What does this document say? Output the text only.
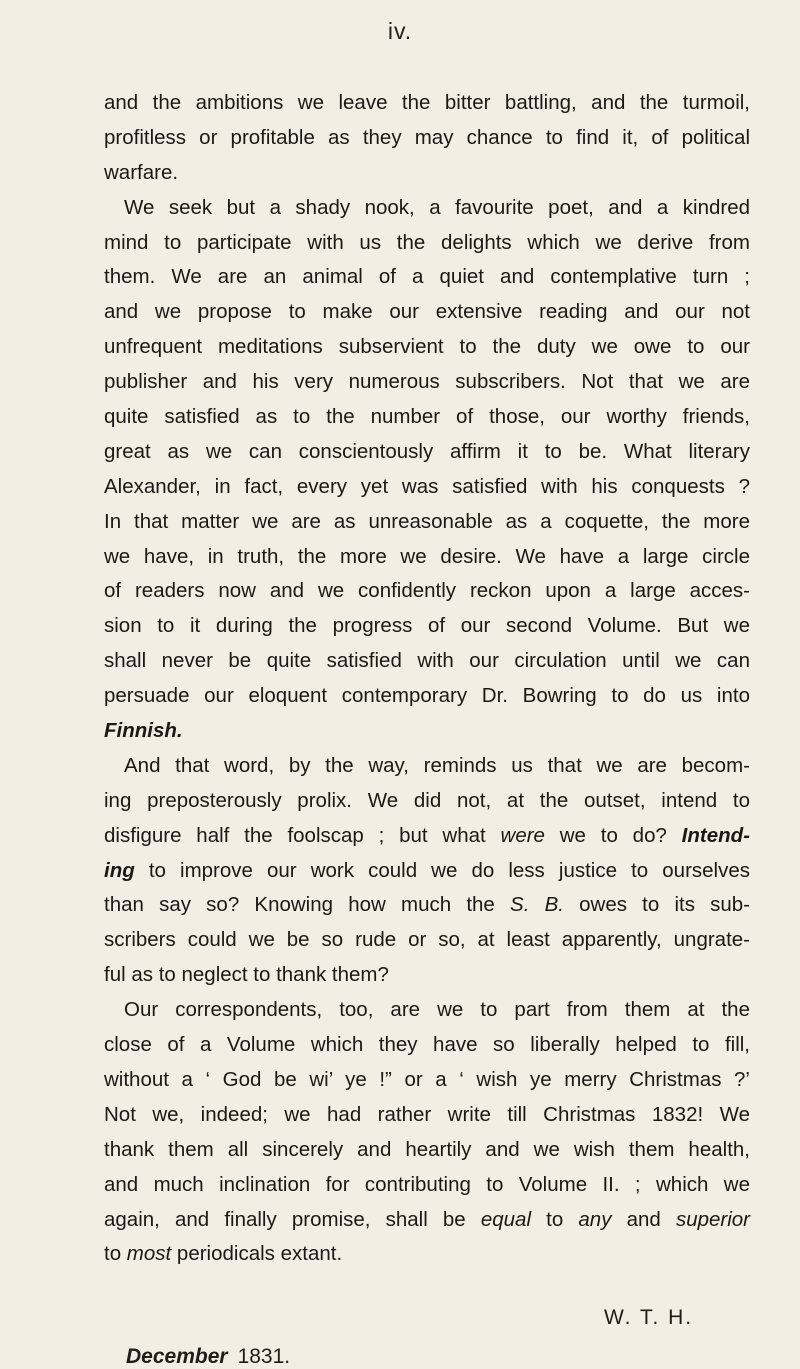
iv.
and the ambitions we leave the bitter battling, and the turmoil,
profitless or profitable as they may chance to find it, of political
warfare.
We seek but a shady nook, a favourite poet, and a kindred
mind to participate with us the delights which we derive from
them. We are an animal of a quiet and contemplative turn ;
and we propose to make our extensive reading and our not
unfrequent meditations subservient to the duty we owe to our
publisher and his very numerous subscribers. Not that we are
quite satisfied as to the number of those, our worthy friends,
great as we can conscientously affirm it to be. What literary
Alexander, in fact, every yet was satisfied with his conquests ?
In that matter we are as unreasonable as a coquette, the more
we have, in truth, the more we desire. We have a large circle
of readers now and we confidently reckon upon a large acces-
sion to it during the progress of our second Volume. But we
shall never be quite satisfied with our circulation until we can
persuade our eloquent contemporary Dr. Bowring to do us into
Finnish.
And that word, by the way, reminds us that we are becom-
ing preposterously prolix. We did not, at the outset, intend to
disfigure half the foolscap ; but what were we to do? Intend-
ing to improve our work could we do less justice to ourselves
than say so? Knowing how much the S. B. owes to its sub-
scribers could we be so rude or so, at least apparently, ungrate-
ful as to neglect to thank them?
Our correspondents, too, are we to part from them at the
close of a Volume which they have so liberally helped to fill,
without a ‘ God be wi’ ye !” or a ‘ wish ye merry Christmas ?’
Not we, indeed; we had rather write till Christmas 1832! We
thank them all sincerely and heartily and we wish them health,
and much inclination for contributing to Volume II. ; which we
again, and finally promise, shall be equal to any and superior
to most periodicals extant.
W. T. H.
December 1831.
